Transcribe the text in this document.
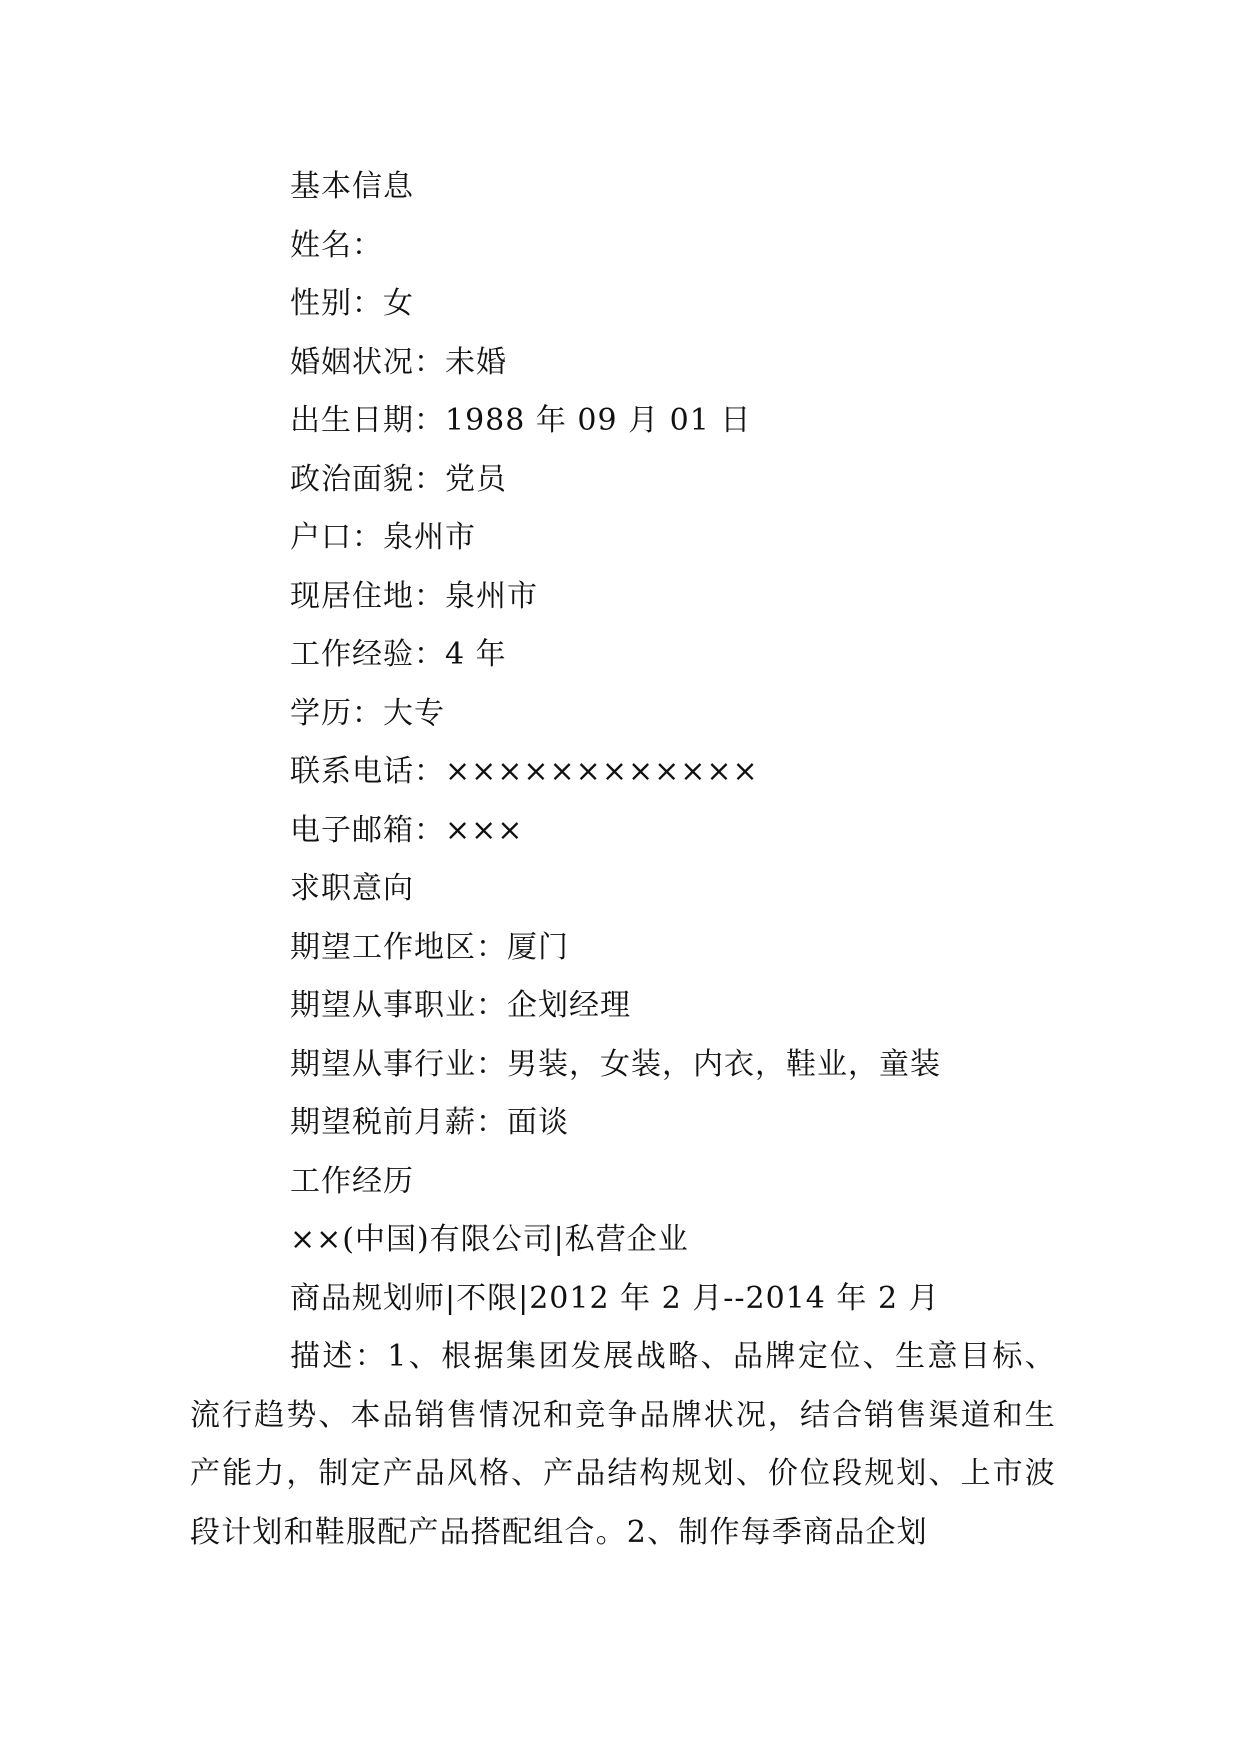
基本信息
姓名：
性别：女
婚姻状况：未婚
出生日期：1988 年 09 月 01 日
政治面貌：党员
户口：泉州市
现居住地：泉州市
工作经验：4 年
学历：大专
联系电话：××××××××××××
电子邮箱：×××
求职意向
期望工作地区：厦门
期望从事职业：企划经理
期望从事行业：男装，女装，内衣，鞋业，童装
期望税前月薪：面谈
工作经历
××(中国)有限公司|私营企业
商品规划师|不限|2012 年 2 月--2014 年 2 月

描述：1、根据集团发展战略、品牌定位、生意目标、流行趋势、本品销售情况和竞争品牌状况，结合销售渠道和生产能力，制定产品风格、产品结构规划、价位段规划、上市波段计划和鞋服配产品搭配组合。2、制作每季商品企划
